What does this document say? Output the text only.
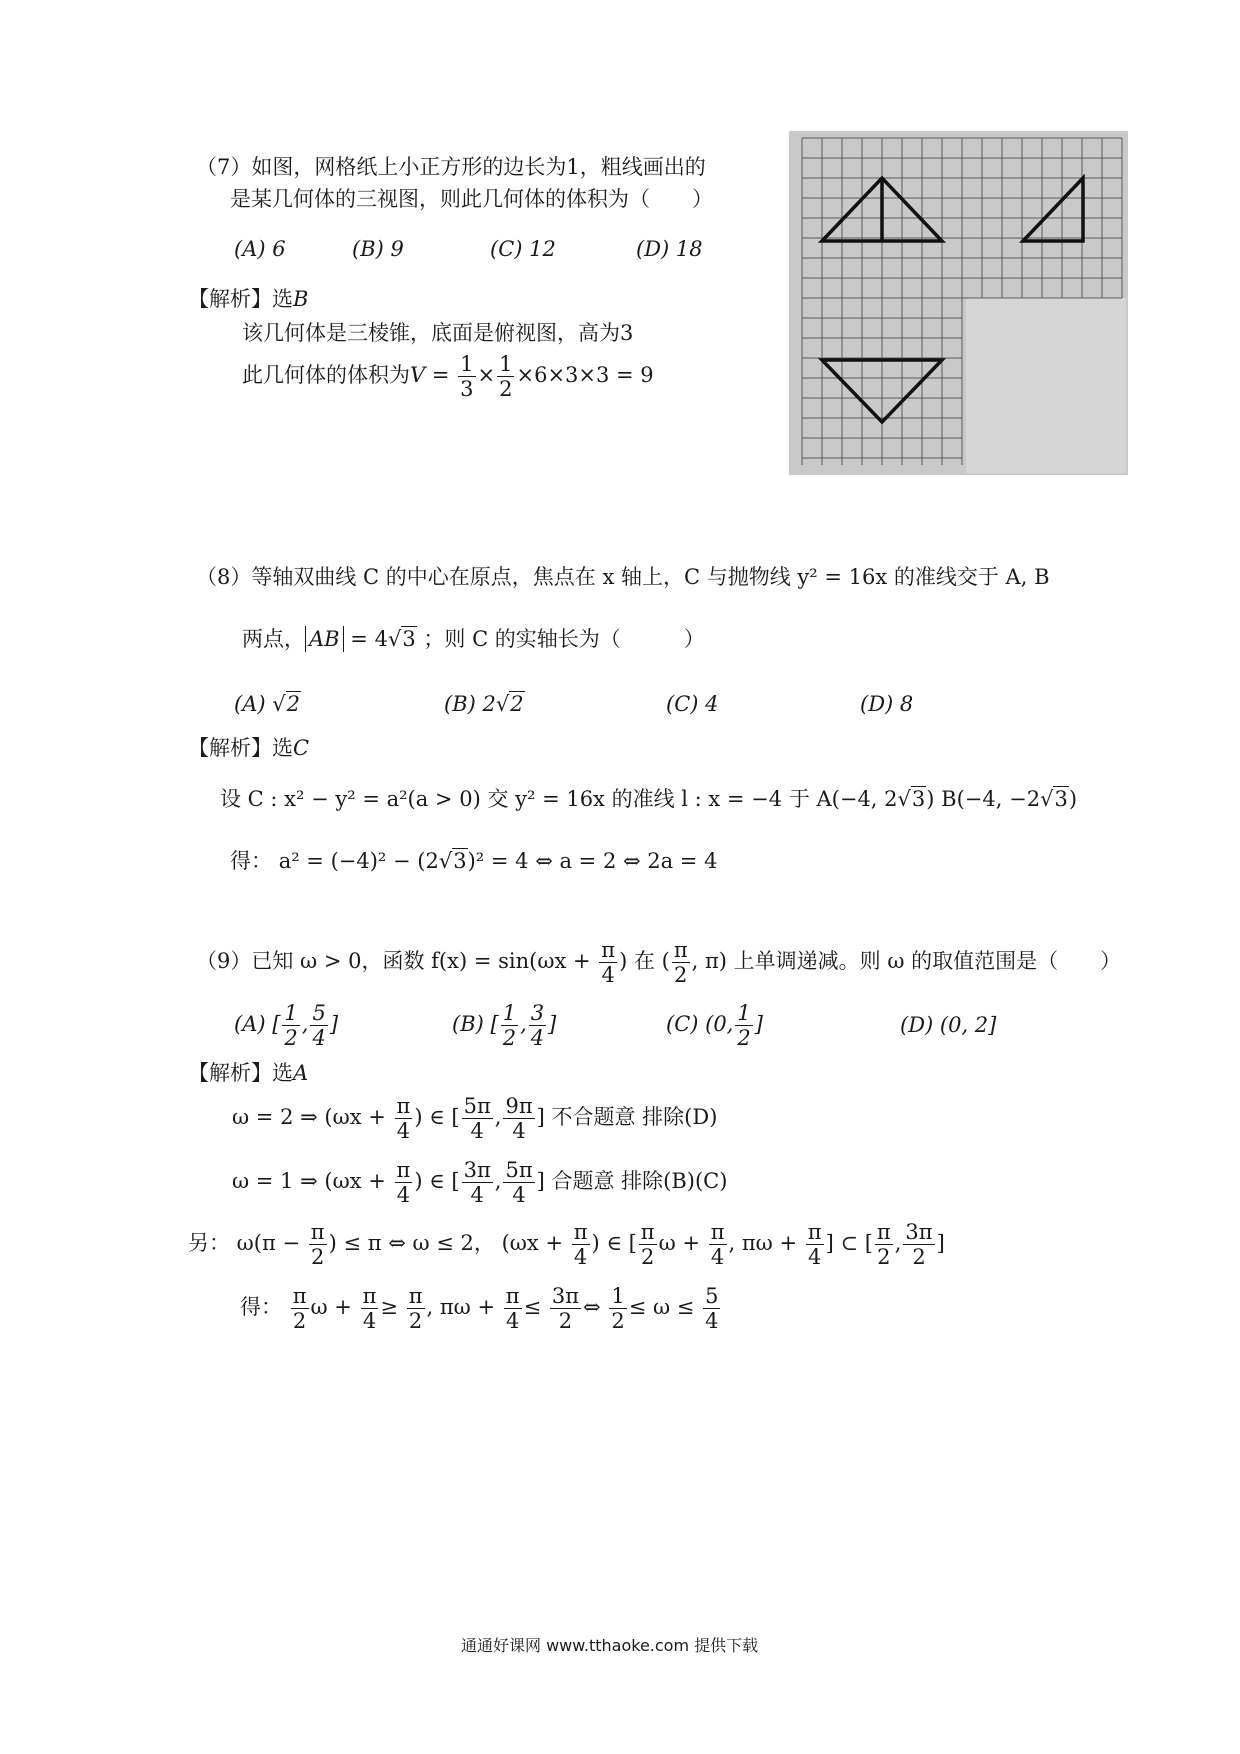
（7）如图，网格纸上小正方形的边长为1，粗线画出的
是某几何体的三视图，则此几何体的体积为（　　）
(A) 6	(B) 9	(C) 12	(D) 18
【解析】选B
该几何体是三棱锥，底面是俯视图，高为3
此几何体的体积为$V = \frac{1}{3} \times \frac{1}{2} \times 6\times 3\times 3 = 9$
（8）等轴双曲线 C 的中心在原点，焦点在 x 轴上，C 与抛物线 y² = 16x 的准线交于 A, B
两点， AB = 4√3 ；则 C 的实轴长为（　　　）
(A) √2	(B) 2√2	(C) 4	(D) 8
【解析】选C
设 C : x² − y² = a²(a > 0) 交 y² = 16x 的准线 l : x = −4 于 A(−4, 2√3) B(−4, −2√3)
得： a² = (−4)² − (2√3)² = 4 ⇔ a = 2 ⇔ 2a = 4
（9）已知 ω > 0，函数 $f(x) = \sin(\omega x + \frac{\pi}{4}$ ) 在 ( $\frac{\pi}{2}$ , π) 上单调递减。则 ω 的取值范围是（　　）
(A) [ $\frac{1}{2}$ , $\frac{5}{4}$ ]	(B) [ $\frac{1}{2}$ , $\frac{3}{4}$ ]	(C) (0, $\frac{1}{2}$ ]	(D) (0, 2]
【解析】选A
ω = 2 ⇒ ($\omega x + \frac{\pi}{4}$ ) ∈ [ $\frac{5\pi}{4}$ , $\frac{9\pi}{4}$ ] 不合题意 排除(D)
ω = 1 ⇒ ($\omega x + \frac{\pi}{4}$ ) ∈ [ $\frac{3\pi}{4}$ , $\frac{5\pi}{4}$ ] 合题意 排除(B)(C)
另： $\omega(\pi - \frac{\pi}{2}$ ) ≤ π ⇔ ω ≤ 2， ($\omega x + \frac{\pi}{4}$ ) ∈ [ $\frac{\pi}{2}$ $\omega + \frac{\pi}{4}$ , $\pi\omega + \frac{\pi}{4}$ ] ⊂ [ $\frac{\pi}{2}$ , $\frac{3\pi}{2}$ ]
得： $\frac{\pi}{2}$ $\omega + \frac{\pi}{4} \ge \frac{\pi}{2}$ , $\pi\omega + \frac{\pi}{4} \le \frac{3\pi}{2}$ ⇔ $\frac{1}{2} \le \omega \le \frac{5}{4}$
通通好课网 www.tthaoke.com 提供下载
